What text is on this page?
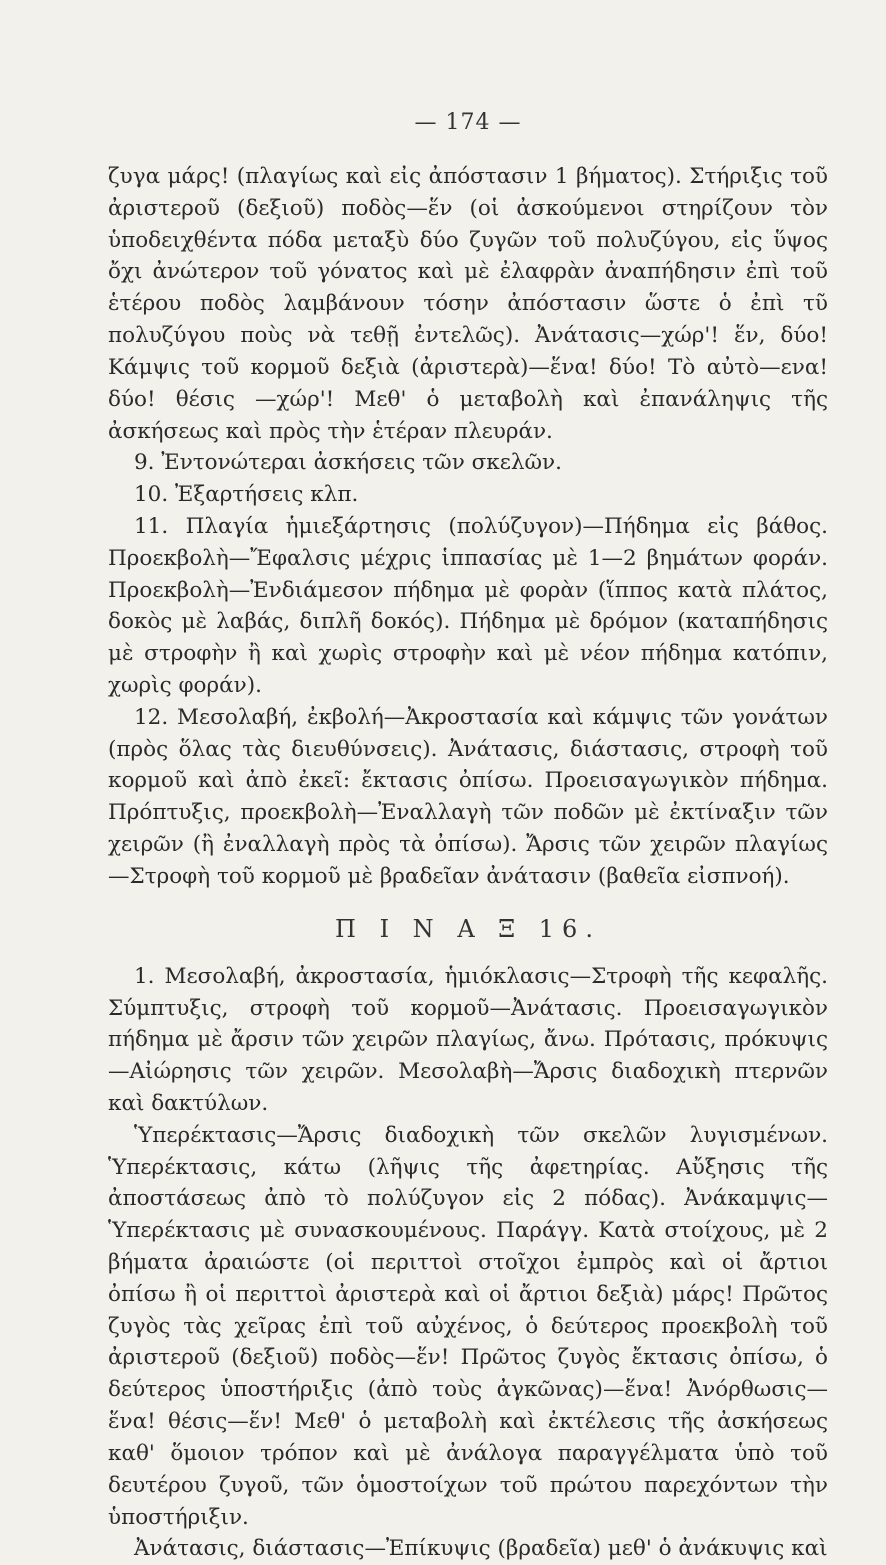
— 174 —

ζυγα μάρς! (πλαγίως καὶ εἰς ἀπόστασιν 1 βήματος). Στήριξις τοῦ ἀριστεροῦ (δεξιοῦ) ποδὸς—ἕν (οἱ ἀσκούμενοι στηρίζουν τὸν ὑποδειχθέντα πόδα μεταξὺ δύο ζυγῶν τοῦ πολυζύγου, εἰς ὕψος ὄχι ἀνώτερον τοῦ γόνατος καὶ μὲ ἐλαφρὰν ἀναπήδησιν ἐπὶ τοῦ ἑτέρου ποδὸς λαμβάνουν τόσην ἀπόστασιν ὥστε ὁ ἐπὶ τῦ πολυζύγου ποὺς νὰ τεθῇ ἐντελῶς). Ἀνάτασις—χώρ'! ἕν, δύο! Κάμψις τοῦ κορμοῦ δεξιὰ (ἀριστερὰ)—ἕνα! δύο! Τὸ αὐτὸ—ενα! δύο! θέσις —χώρ'! Μεθ' ὁ μεταβολὴ καὶ ἐπανάληψις τῆς ἀσκήσεως καὶ πρὸς τὴν ἑτέραν πλευράν.

9. Ἐντονώτεραι ἀσκήσεις τῶν σκελῶν.

10. Ἐξαρτήσεις κλπ.

11. Πλαγία ἡμιεξάρτησις (πολύζυγον)—Πήδημα εἰς βάθος. Προεκβολὴ—Ἔφαλσις μέχρις ἱππασίας μὲ 1—2 βημάτων φοράν. Προεκβολὴ—Ἐνδιάμεσον πήδημα μὲ φορὰν (ἵππος κατὰ πλάτος, δοκὸς μὲ λαβάς, διπλῆ δοκός). Πήδημα μὲ δρόμον (καταπήδησις μὲ στροφὴν ἢ καὶ χωρὶς στροφὴν καὶ μὲ νέον πήδημα κατόπιν, χωρὶς φοράν).

12. Μεσολαβή, ἐκβολή—Ἀκροστασία καὶ κάμψις τῶν γονάτων (πρὸς ὅλας τὰς διευθύνσεις). Ἀνάτασις, διάστασις, στροφὴ τοῦ κορμοῦ καὶ ἀπὸ ἐκεῖ: ἔκτασις ὀπίσω. Προεισαγωγικὸν πήδημα. Πρόπτυξις, προεκβολὴ—Ἐναλλαγὴ τῶν ποδῶν μὲ ἐκτίναξιν τῶν χειρῶν (ἢ ἐναλλαγὴ πρὸς τὰ ὀπίσω). Ἄρσις τῶν χειρῶν πλαγίως—Στροφὴ τοῦ κορμοῦ μὲ βραδεῖαν ἀνάτασιν (βαθεῖα εἰσπνοή).

Π Ι Ν Α Ξ 16.

1. Μεσολαβή, ἀκροστασία, ἡμιόκλασις—Στροφὴ τῆς κεφαλῆς. Σύμπτυξις, στροφὴ τοῦ κορμοῦ—Ἀνάτασις. Προεισαγωγικὸν πήδημα μὲ ἄρσιν τῶν χειρῶν πλαγίως, ἄνω. Πρότασις, πρόκυψις—Αἰώρησις τῶν χειρῶν. Μεσολαβὴ—Ἄρσις διαδοχικὴ πτερνῶν καὶ δακτύλων.

Ὑπερέκτασις—Ἄρσις διαδοχικὴ τῶν σκελῶν λυγισμένων. Ὑπερέκτασις, κάτω (λῆψις τῆς ἀφετηρίας. Αὔξησις τῆς ἀποστάσεως ἀπὸ τὸ πολύζυγον εἰς 2 πόδας). Ἀνάκαμψις—Ὑπερέκτασις μὲ συνασκουμένους. Παράγγ. Κατὰ στοίχους, μὲ 2 βήματα ἀραιώστε (οἱ περιττοὶ στοῖχοι ἐμπρὸς καὶ οἱ ἄρτιοι ὀπίσω ἢ οἱ περιττοὶ ἀριστερὰ καὶ οἱ ἄρτιοι δεξιὰ) μάρς! Πρῶτος ζυγὸς τὰς χεῖρας ἐπὶ τοῦ αὐχένος, ὁ δεύτερος προεκβολὴ τοῦ ἀριστεροῦ (δεξιοῦ) ποδὸς—ἕν! Πρῶτος ζυγὸς ἔκτασις ὀπίσω, ὁ δεύτερος ὑποστήριξις (ἀπὸ τοὺς ἀγκῶνας)—ἕνα! Ἀνόρθωσις—ἕνα! θέσις—ἕν! Μεθ' ὁ μεταβολὴ καὶ ἐκτέλεσις τῆς ἀσκήσεως καθ' ὅμοιον τρόπον καὶ μὲ ἀνάλογα παραγγέλματα ὑπὸ τοῦ δευτέρου ζυγοῦ, τῶν ὁμοστοίχων τοῦ πρώτου παρεχόντων τὴν ὑποστήριξιν.

Ἀνάτασις, διάστασις—Ἐπίκυψις (βραδεῖα) μεθ' ὁ ἀνάκυψις καὶ
